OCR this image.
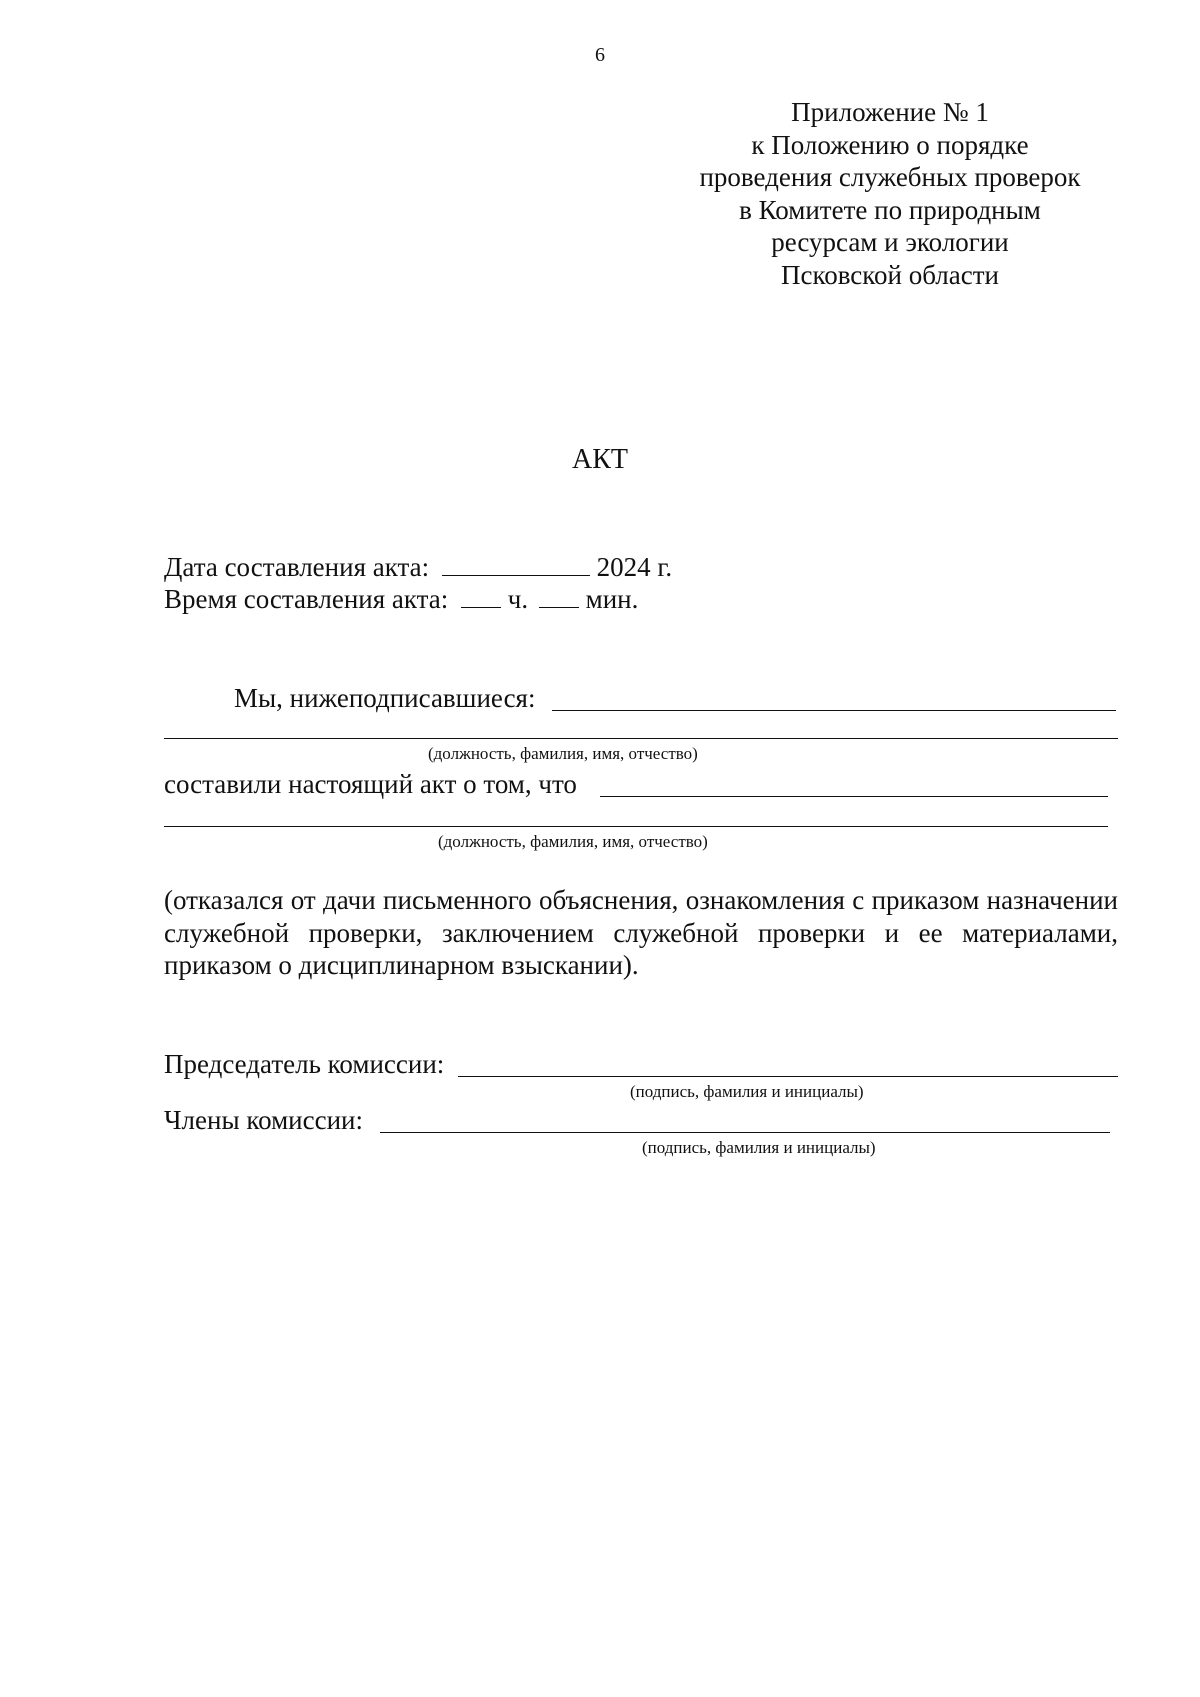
6
Приложение № 1
к Положению о порядке
проведения служебных проверок
в Комитете по природным
ресурсам и экологии
Псковской области
АКТ
Дата составления акта:	2024 г.
Время составления акта: ч. мин.
Мы, нижеподписавшиеся:
(должность, фамилия, имя, отчество)
составили настоящий акт о том, что
(должность, фамилия, имя, отчество)
(отказался от дачи письменного объяснения, ознакомления с приказом назначении служебной проверки, заключением служебной проверки и ее материалами, приказом о дисциплинарном взыскании).
Председатель комиссии:
(подпись, фамилия и инициалы)
Члены комиссии:
(подпись, фамилия и инициалы)
